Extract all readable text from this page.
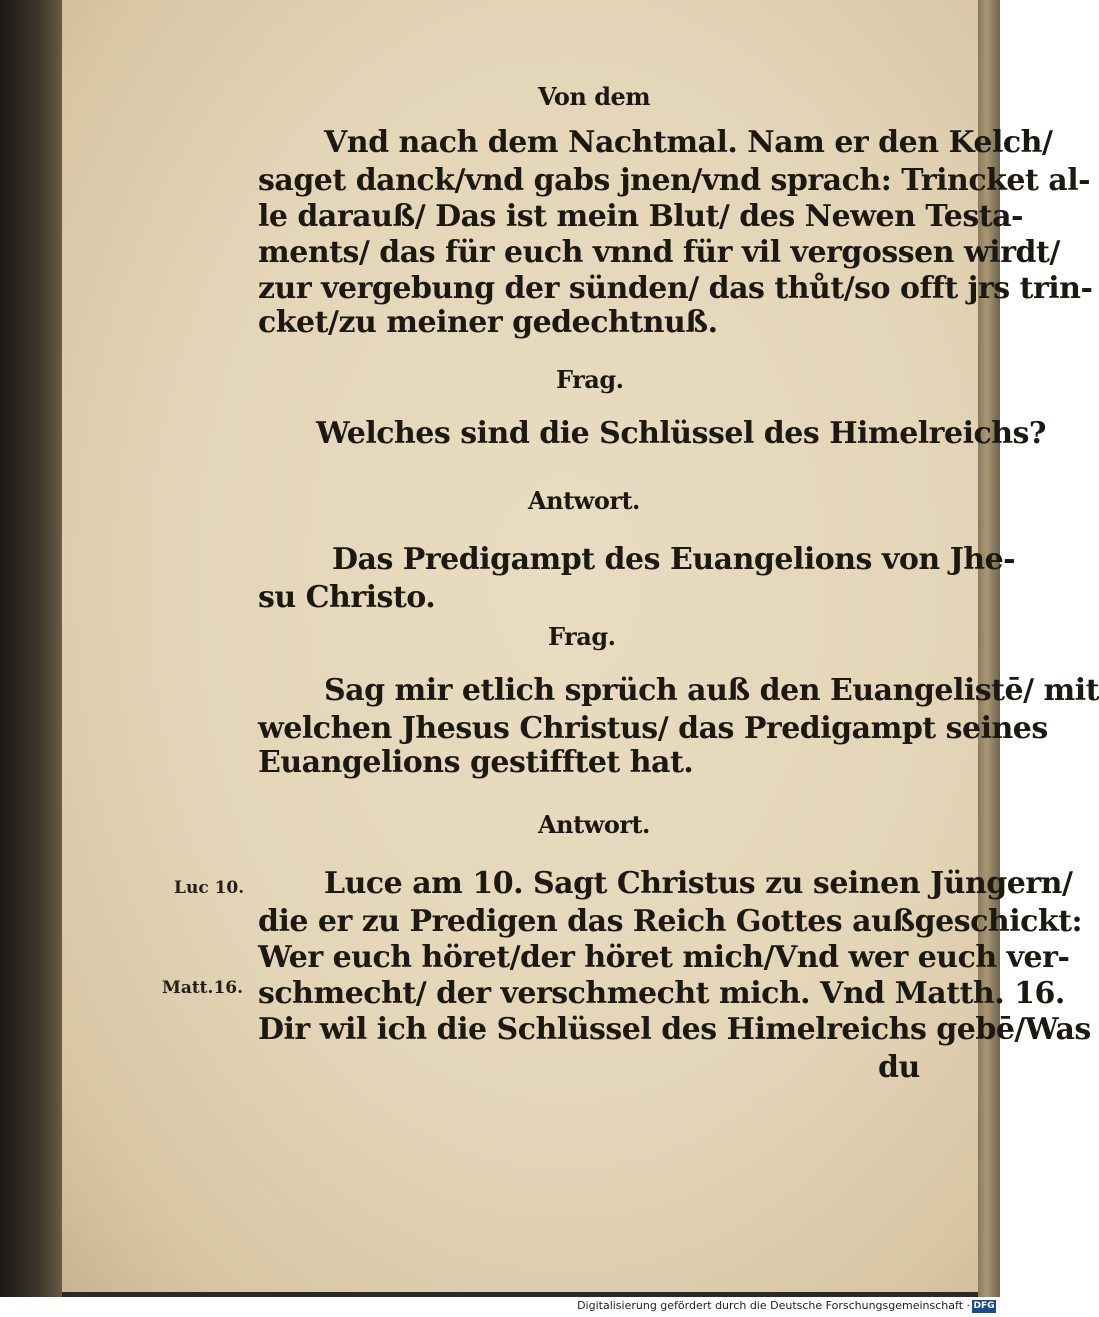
Von dem
Vnd nach dem Nachtmal. Nam er den Kelch/
saget danck/vnd gabs jnen/vnd sprach: Trincket al-
le darauß/ Das ist mein Blut/ des Newen Testa-
ments/ das für euch vnnd für vil vergossen wirdt/
zur vergebung der sünden/ das thůt/so offt jrs trin-
cket/zu meiner gedechtnuß.
Frag.
Welches sind die Schlüssel des Himelreichs?
Antwort.
Das Predigampt des Euangelions von Jhe-
su Christo.
Frag.
Sag mir etlich sprüch auß den Euangelistē/ mit
welchen Jhesus Christus/ das Predigampt seines
Euangelions gestifftet hat.
Antwort.
Luc 10.
Matt.16.
Luce am 10. Sagt Christus zu seinen Jüngern/
die er zu Predigen das Reich Gottes außgeschickt:
Wer euch höret/der höret mich/Vnd wer euch ver-
schmecht/ der verschmecht mich. Vnd Matth. 16.
Dir wil ich die Schlüssel des Himelreichs gebē/Was
du
Digitalisierung gefördert durch die Deutsche Forschungsgemeinschaft · DFG
